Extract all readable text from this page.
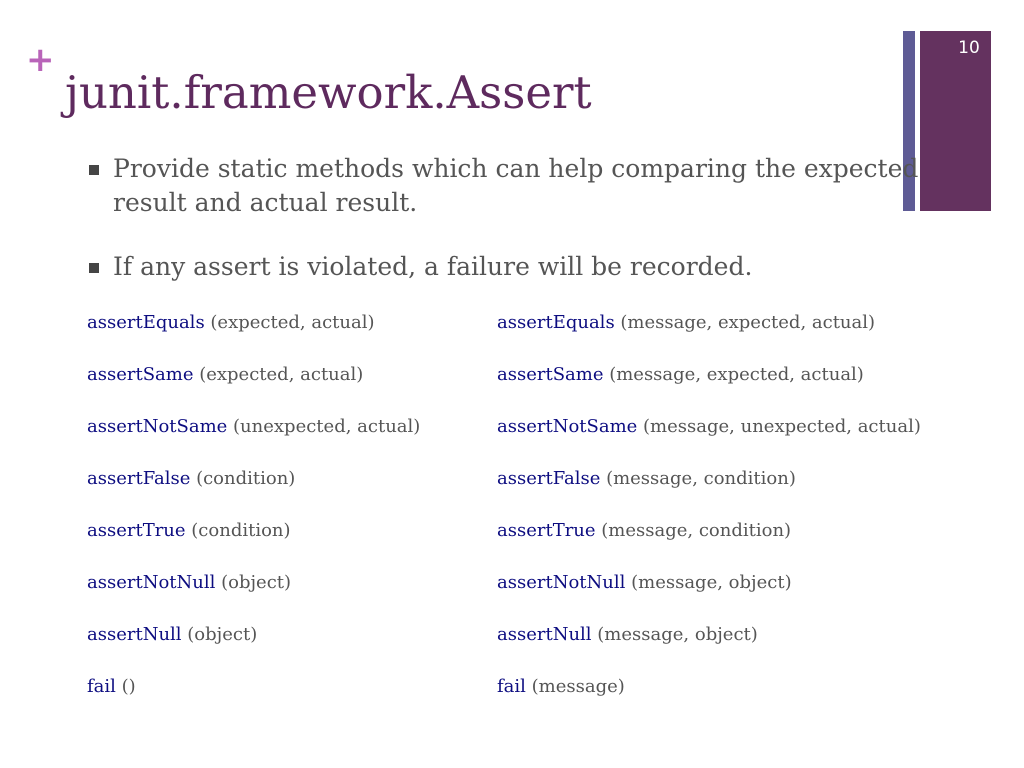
+
junit.framework.Assert
10
Provide static methods which can help comparing the expected
result and actual result.
If any assert is violated, a failure will be recorded.
assertEquals (expected, actual)
assertSame (expected, actual)
assertNotSame (unexpected, actual)
assertFalse (condition)
assertTrue (condition)
assertNotNull (object)
assertNull (object)
fail ()
assertEquals (message, expected, actual)
assertSame (message, expected, actual)
assertNotSame (message, unexpected, actual)
assertFalse (message, condition)
assertTrue (message, condition)
assertNotNull (message, object)
assertNull (message, object)
fail (message)
